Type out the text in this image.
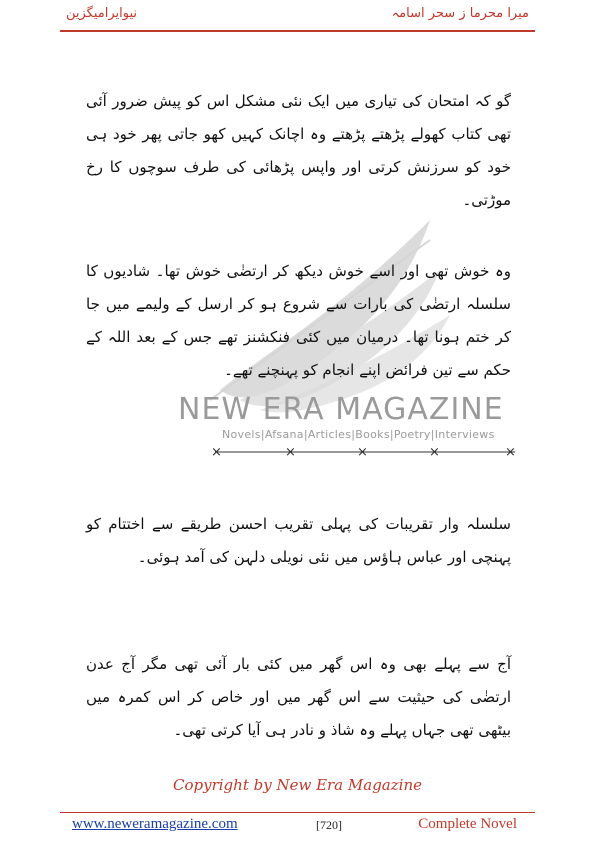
نیوایرامیگزین	میرا محرما ز سحر اسامہ
NEW ERA MAGAZINE
Novels|Afsana|Articles|Books|Poetry|Interviews
گو کہ امتحان کی تیاری میں ایک نئی مشکل اس کو پیش ضرور آئی تھی کتاب کھولے پڑھتے پڑھتے وہ اچانک کہیں کھو جاتی پھر خود ہی خود کو سرزنش کرتی اور واپس پڑھائی کی طرف سوچوں کا رخ موڑتی۔
وہ خوش تھی اور اسے خوش دیکھ کر ارتضٰی خوش تھا۔ شادیوں کا سلسلہ ارتضٰی کی بارات سے شروع ہو کر ارسل کے ولیمے میں جا کر ختم ہونا تھا۔ درمیان میں کئی فنکشنز تھے جس کے بعد اللہ کے حکم سے تین فرائض اپنے انجام کو پہنچنے تھے۔
×	×	×	×	×
سلسلہ وار تقریبات کی پہلی تقریب احسن طریقے سے اختتام کو پہنچی اور عباس ہاؤس میں نئی نویلی دلہن کی آمد ہوئی۔
آج سے پہلے بھی وہ اس گھر میں کئی بار آئی تھی مگر آج عدن ارتضٰی کی حیثیت سے اس گھر میں اور خاص کر اس کمرہ میں بیٹھی تھی جہاں پہلے وہ شاذ و نادر ہی آیا کرتی تھی۔
Copyright by New Era Magazine
www.neweramagazine.com	[720]	Complete Novel
